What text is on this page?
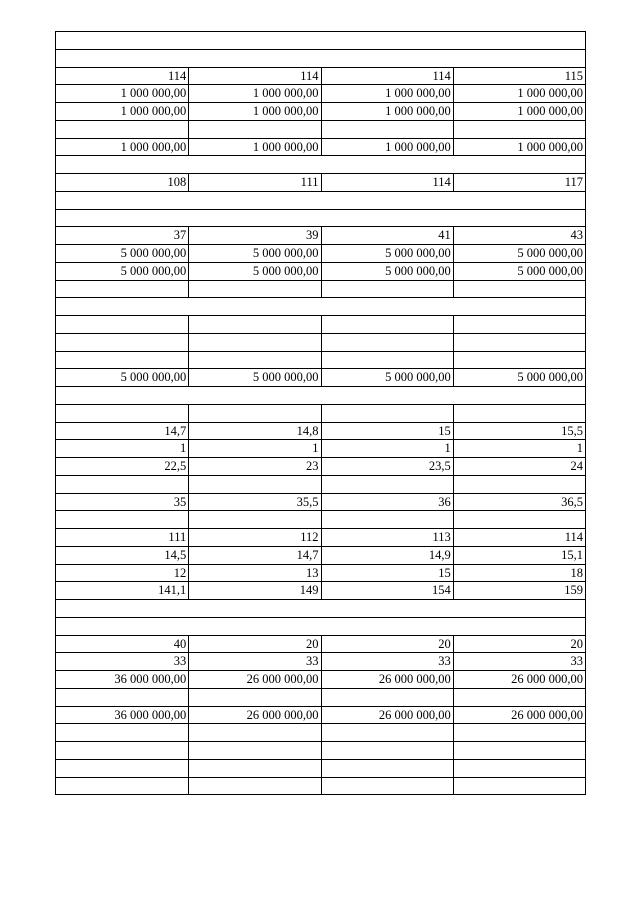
114	114	114	115
1 000 000,00	1 000 000,00	1 000 000,00	1 000 000,00
1 000 000,00	1 000 000,00	1 000 000,00	1 000 000,00
1 000 000,00	1 000 000,00	1 000 000,00	1 000 000,00
108	111	114	117
37	39	41	43
5 000 000,00	5 000 000,00	5 000 000,00	5 000 000,00
5 000 000,00	5 000 000,00	5 000 000,00	5 000 000,00
5 000 000,00	5 000 000,00	5 000 000,00	5 000 000,00
14,7	14,8	15	15,5
1	1	1	1
22,5	23	23,5	24
35	35,5	36	36,5
111	112	113	114
14,5	14,7	14,9	15,1
12	13	15	18
141,1	149	154	159
40	20	20	20
33	33	33	33
36 000 000,00	26 000 000,00	26 000 000,00	26 000 000,00
36 000 000,00	26 000 000,00	26 000 000,00	26 000 000,00
